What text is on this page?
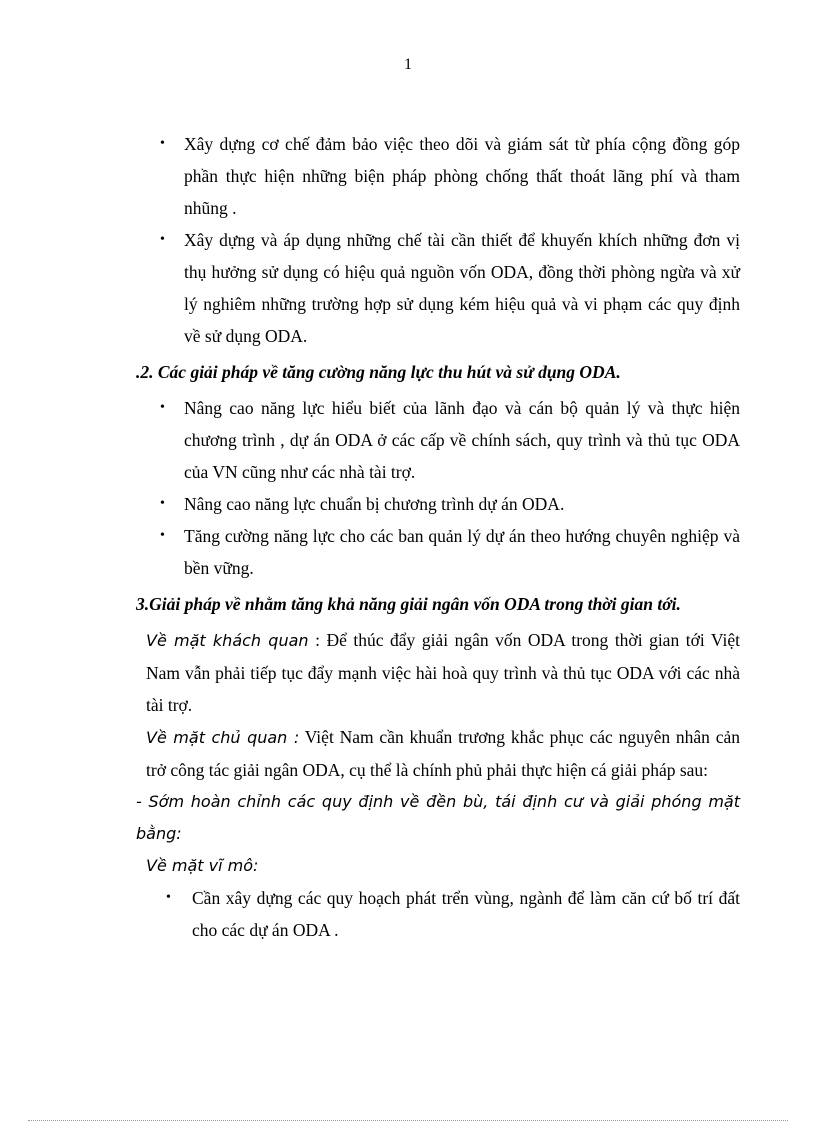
1
• Xây dựng cơ chế đảm bảo việc theo dõi và giám sát từ phía cộng đồng góp phần thực hiện những biện pháp phòng chống thất thoát lãng phí và tham nhũng .
• Xây dựng và áp dụng những chế tài cần thiết để khuyến khích những đơn vị thụ hưởng sử dụng có hiệu quả nguồn vốn ODA, đồng thời phòng ngừa và xử lý nghiêm những trường hợp sử dụng kém hiệu quả và vi phạm các quy định về sử dụng ODA.
.2. Các giải pháp về tăng cường năng lực thu hút và sử dụng ODA.
• Nâng cao năng lực hiểu biết của lãnh đạo và cán bộ quản lý và thực hiện chương trình , dự án ODA ở các cấp về chính sách, quy trình và thủ tục ODA của VN cũng như các nhà tài trợ.
• Nâng cao năng lực chuẩn bị chương trình dự án ODA.
• Tăng cường năng lực cho các ban quản lý dự án theo hướng chuyên nghiệp và bền vững.
3.Giải pháp về nhằm tăng khả năng giải ngân vốn ODA trong thời gian tới.

Về mặt khách quan : Để thúc đẩy giải ngân vốn ODA trong thời gian tới Việt Nam vẫn phải tiếp tục đẩy mạnh việc hài hoà quy trình và thủ tục ODA với các nhà tài trợ.

Về mặt chủ quan : Việt Nam cần khuẩn trương khắc phục các nguyên nhân cản trở công tác giải ngân ODA, cụ thể là chính phủ phải thực hiện cá giải pháp sau:

- Sớm hoàn chỉnh các quy định về đền bù, tái định cư và giải phóng mặt bằng:

Về mặt vĩ mô:

• Cần xây dựng các quy hoạch phát trển vùng, ngành để làm căn cứ bố trí đất cho các dự án ODA .
